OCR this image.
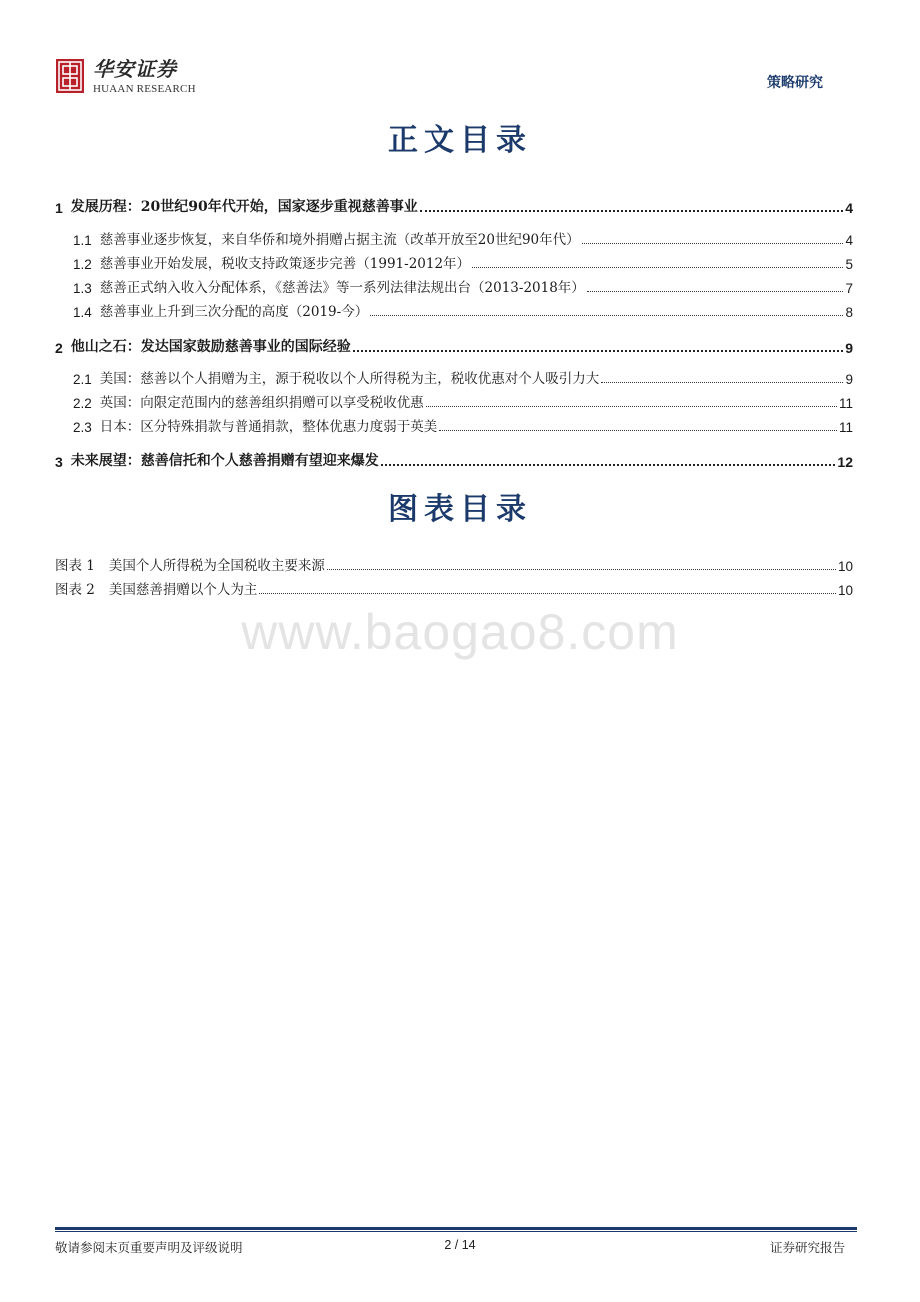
华安证券
HUAAN RESEARCH	策略研究
正文目录
1 发展历程：20世纪90年代开始，国家逐步重视慈善事业	4
1.1 慈善事业逐步恢复，来自华侨和境外捐赠占据主流（改革开放至20世纪90年代）	4
1.2 慈善事业开始发展，税收支持政策逐步完善（1991-2012年）	5
1.3 慈善正式纳入收入分配体系，《慈善法》等一系列法律法规出台（2013-2018年）	7
1.4 慈善事业上升到三次分配的高度（2019-今）	8
2 他山之石：发达国家鼓励慈善事业的国际经验	9
2.1 美国：慈善以个人捐赠为主，源于税收以个人所得税为主，税收优惠对个人吸引力大	9
2.2 英国：向限定范围内的慈善组织捐赠可以享受税收优惠	11
2.3 日本：区分特殊捐款与普通捐款，整体优惠力度弱于英美	11
3 未来展望：慈善信托和个人慈善捐赠有望迎来爆发	12
图表目录
图表 1 美国个人所得税为全国税收主要来源	10
图表 2 美国慈善捐赠以个人为主	10
www.baogao8.com
敬请参阅末页重要声明及评级说明	2 / 14	证券研究报告
